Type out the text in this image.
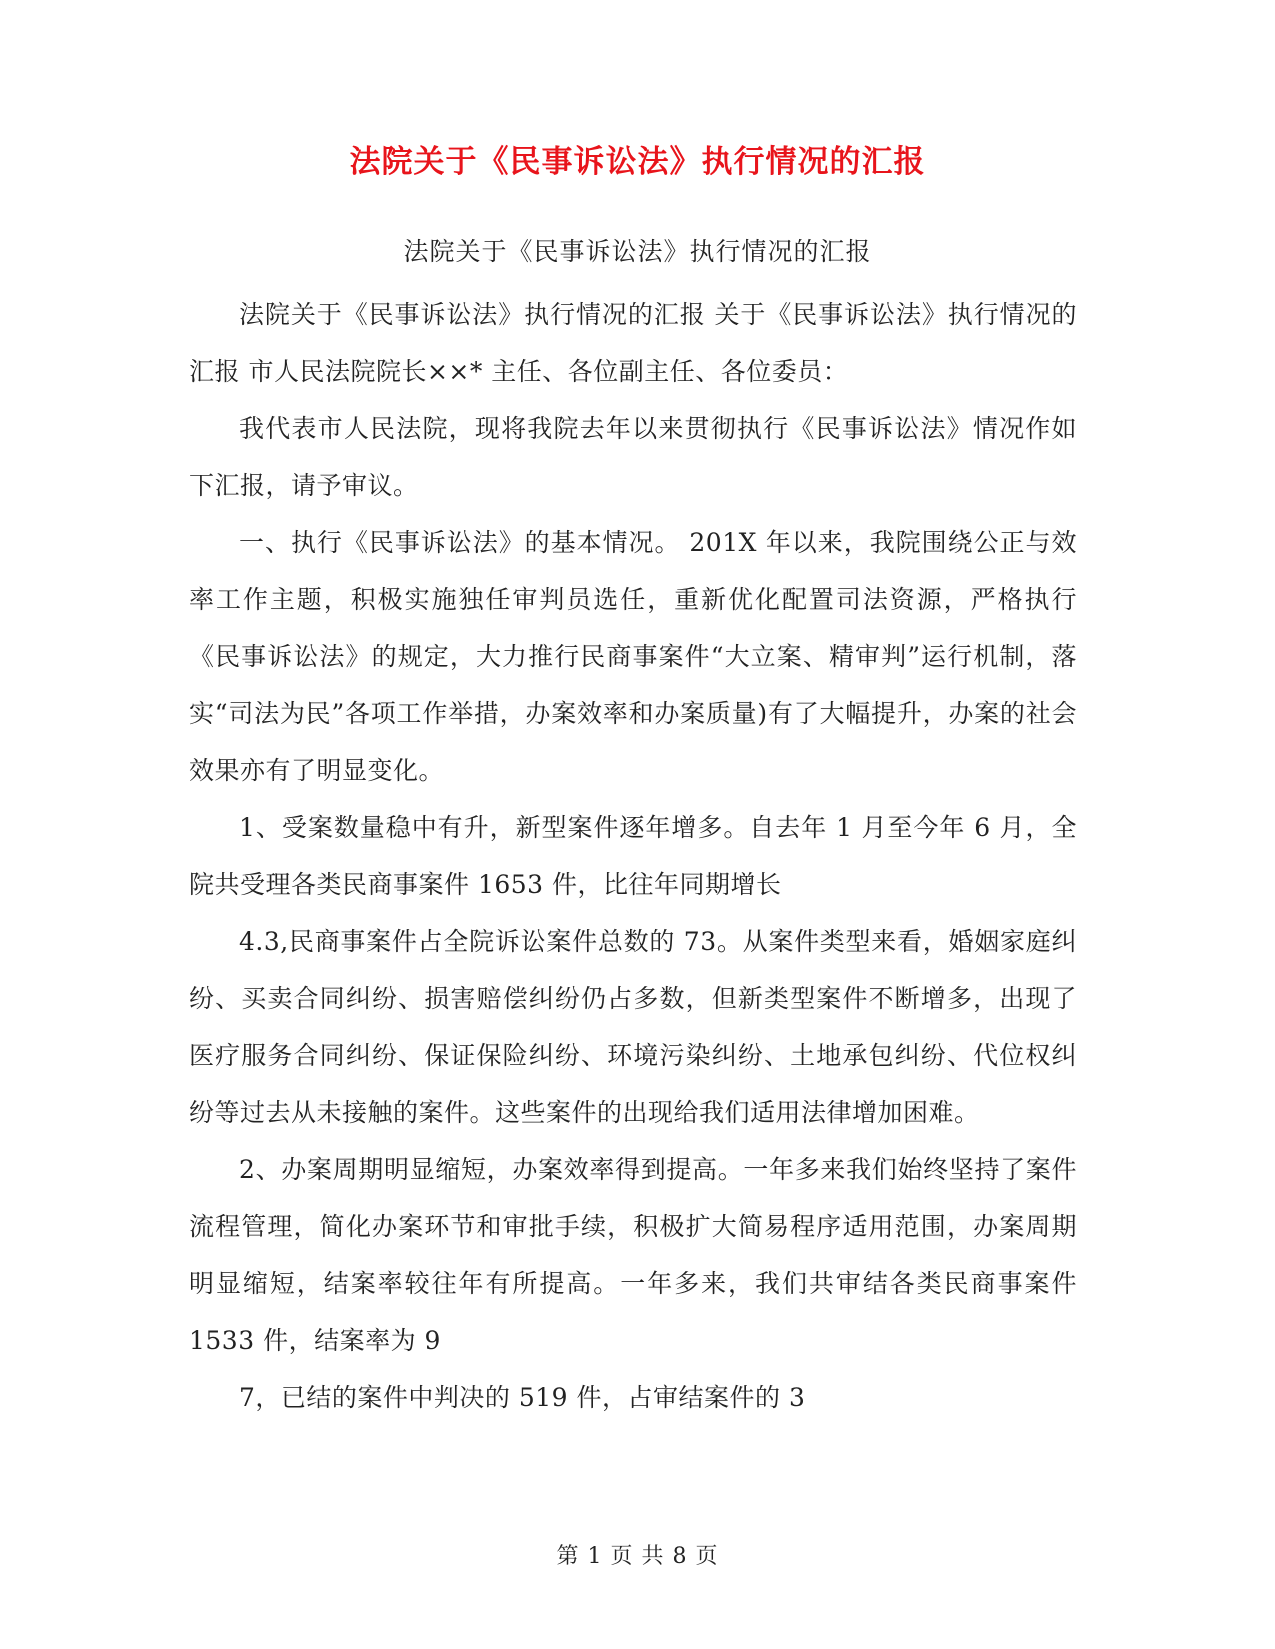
法院关于《民事诉讼法》执行情况的汇报
法院关于《民事诉讼法》执行情况的汇报

法院关于《民事诉讼法》执行情况的汇报 关于《民事诉讼法》执行情况的汇报 市人民法院院长××* 主任、各位副主任、各位委员：

我代表市人民法院，现将我院去年以来贯彻执行《民事诉讼法》情况作如下汇报，请予审议。

一、执行《民事诉讼法》的基本情况。 201X 年以来，我院围绕公正与效率工作主题，积极实施独任审判员选任，重新优化配置司法资源，严格执行《民事诉讼法》的规定，大力推行民商事案件“大立案、精审判”运行机制，落实“司法为民”各项工作举措，办案效率和办案质量)有了大幅提升，办案的社会效果亦有了明显变化。

1、受案数量稳中有升，新型案件逐年增多。自去年 1 月至今年 6 月，全院共受理各类民商事案件 1653 件，比往年同期增长

4.3,民商事案件占全院诉讼案件总数的 73。从案件类型来看，婚姻家庭纠纷、买卖合同纠纷、损害赔偿纠纷仍占多数，但新类型案件不断增多，出现了医疗服务合同纠纷、保证保险纠纷、环境污染纠纷、土地承包纠纷、代位权纠纷等过去从未接触的案件。这些案件的出现给我们适用法律增加困难。

2、办案周期明显缩短，办案效率得到提高。一年多来我们始终坚持了案件流程管理，简化办案环节和审批手续，积极扩大简易程序适用范围，办案周期明显缩短，结案率较往年有所提高。一年多来，我们共审结各类民商事案件 1533 件，结案率为 9

7，已结的案件中判决的 519 件，占审结案件的 3

第 1 页 共 8 页
